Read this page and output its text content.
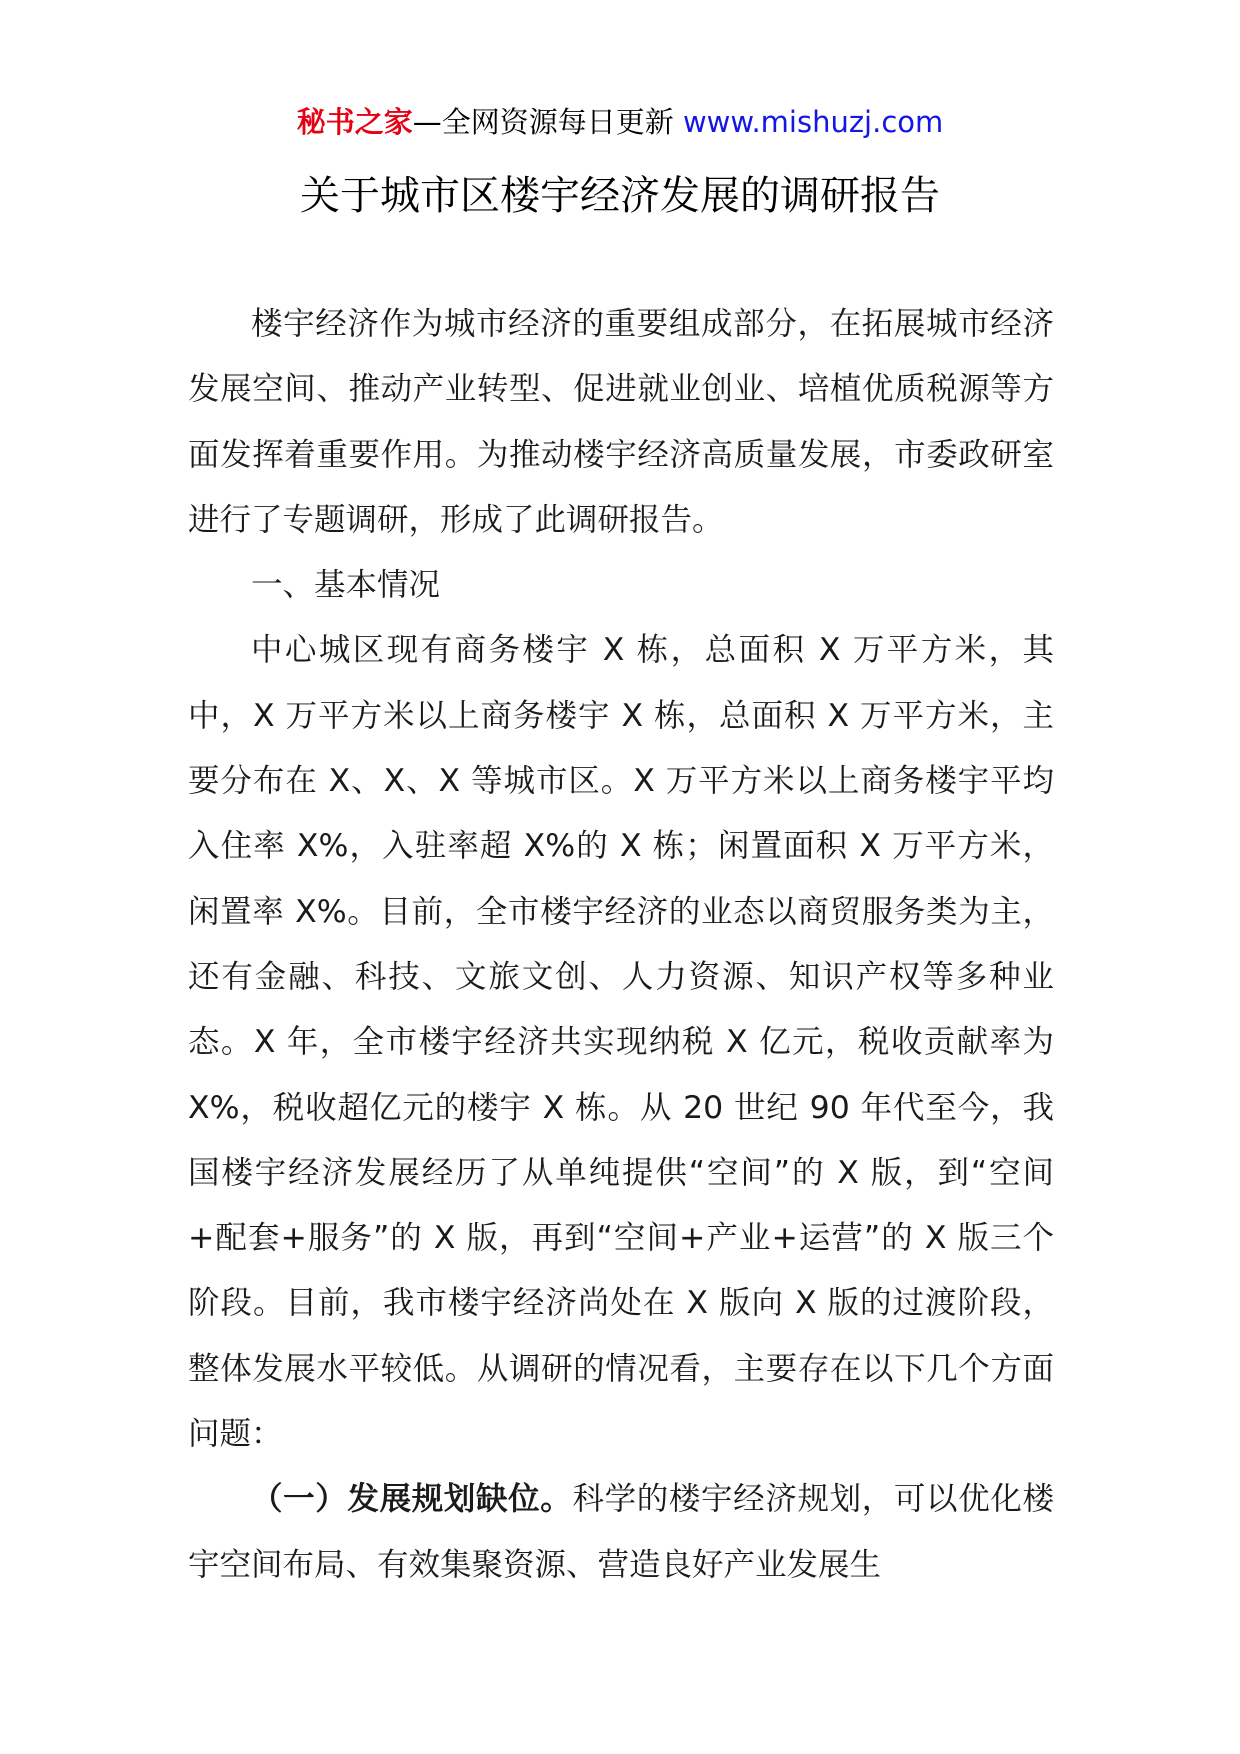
秘书之家—全网资源每日更新 www.mishuzj.com
关于城市区楼宇经济发展的调研报告

楼宇经济作为城市经济的重要组成部分，在拓展城市经济发展空间、推动产业转型、促进就业创业、培植优质税源等方面发挥着重要作用。为推动楼宇经济高质量发展，市委政研室进行了专题调研，形成了此调研报告。

一、基本情况

中心城区现有商务楼宇 X 栋，总面积 X 万平方米，其中，X 万平方米以上商务楼宇 X 栋，总面积 X 万平方米，主要分布在 X、X、X 等城市区。X 万平方米以上商务楼宇平均入住率 X%，入驻率超 X%的 X 栋；闲置面积 X 万平方米，闲置率 X%。目前，全市楼宇经济的业态以商贸服务类为主，还有金融、科技、文旅文创、人力资源、知识产权等多种业态。X 年，全市楼宇经济共实现纳税 X 亿元，税收贡献率为 X%，税收超亿元的楼宇 X 栋。从 20 世纪 90 年代至今，我国楼宇经济发展经历了从单纯提供“空间”的 X 版，到“空间+配套+服务”的 X 版，再到“空间+产业+运营”的 X 版三个阶段。目前，我市楼宇经济尚处在 X 版向 X 版的过渡阶段，整体发展水平较低。从调研的情况看，主要存在以下几个方面问题：

（一）发展规划缺位。科学的楼宇经济规划，可以优化楼宇空间布局、有效集聚资源、营造良好产业发展生
